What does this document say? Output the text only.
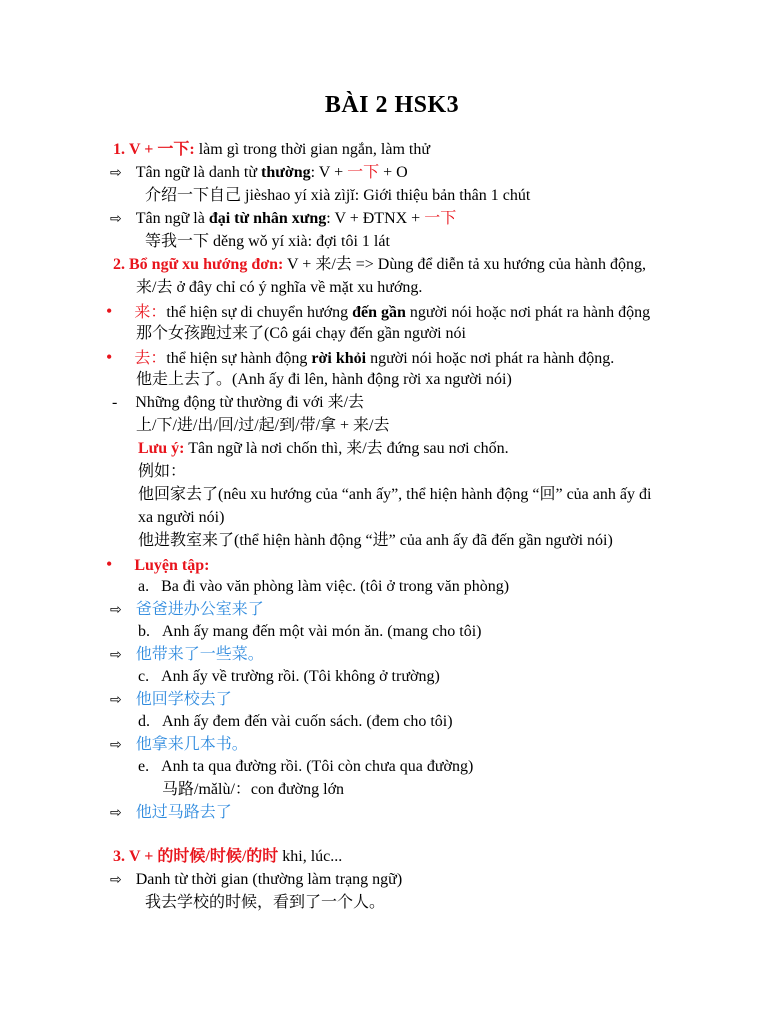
BÀI 2 HSK3
1. V + 一下: làm gì trong thời gian ngắn, làm thử
⇨ Tân ngữ là danh từ thường: V + 一下 + O
介绍一下自己 jièshao yí xià zìjǐ: Giới thiệu bản thân 1 chút
⇨ Tân ngữ là đại từ nhân xưng: V + ĐTNX + 一下
等我一下 děng wǒ yí xià: đợi tôi 1 lát
2. Bổ ngữ xu hướng đơn: V + 来/去 => Dùng để diễn tả xu hướng của hành động,
来/去 ở đây chỉ có ý nghĩa về mặt xu hướng.
• 来：thể hiện sự di chuyển hướng đến gần người nói hoặc nơi phát ra hành động
那个女孩跑过来了(Cô gái chạy đến gần người nói
• 去：thể hiện sự hành động rời khỏi người nói hoặc nơi phát ra hành động.
他走上去了。(Anh ấy đi lên, hành động rời xa người nói)
- Những động từ thường đi với 来/去
上/下/进/出/回/过/起/到/带/拿 + 来/去
Lưu ý: Tân ngữ là nơi chốn thì, 来/去 đứng sau nơi chốn.
例如：
他回家去了(nêu xu hướng của “anh ấy”, thể hiện hành động “回” của anh ấy đi
xa người nói)
他进教室来了(thể hiện hành động “进” của anh ấy đã đến gần người nói)
• Luyện tập:
a. Ba đi vào văn phòng làm việc. (tôi ở trong văn phòng)
⇨ 爸爸进办公室来了
b. Anh ấy mang đến một vài món ăn. (mang cho tôi)
⇨ 他带来了一些菜。
c. Anh ấy về trường rồi. (Tôi không ở trường)
⇨ 他回学校去了
d. Anh ấy đem đến vài cuốn sách. (đem cho tôi)
⇨ 他拿来几本书。
e. Anh ta qua đường rồi. (Tôi còn chưa qua đường)
马路/mǎlù/：con đường lớn
⇨ 他过马路去了
3. V + 的时候/时候/的时 khi, lúc...
⇨ Danh từ thời gian (thường làm trạng ngữ)
我去学校的时候，看到了一个人。
